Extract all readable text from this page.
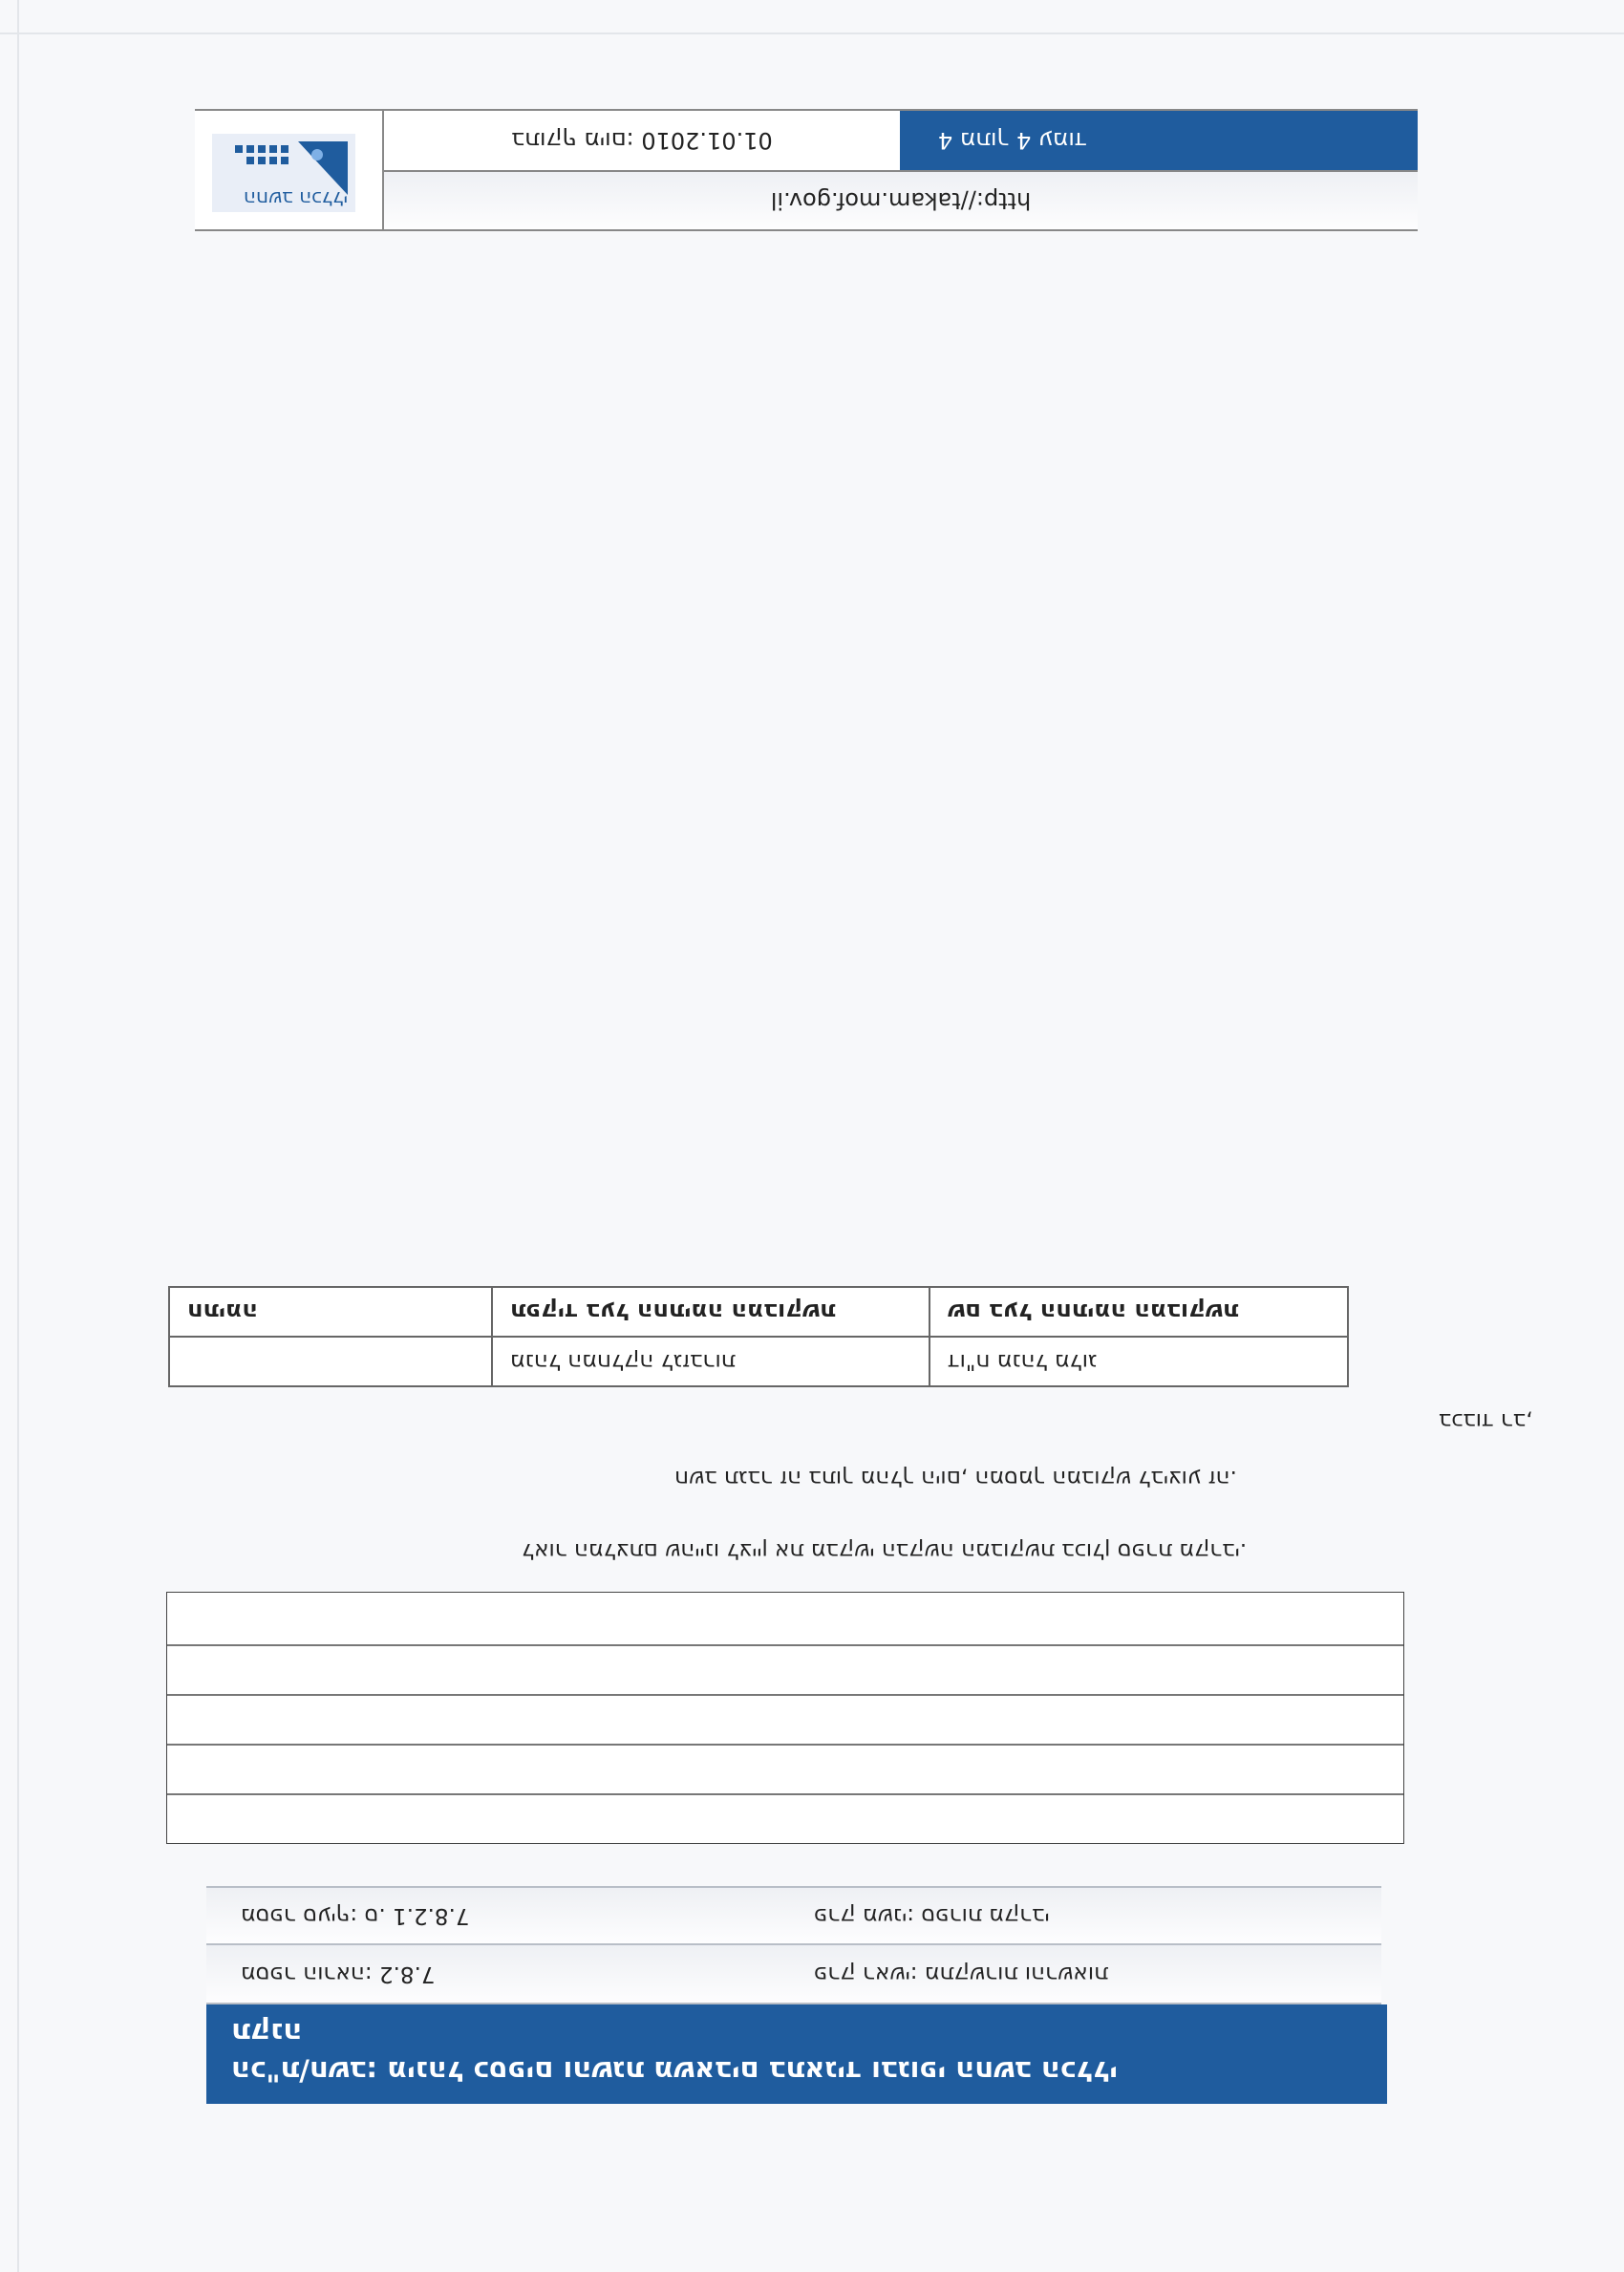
הכ"ת/חשב: מינהל כספים והשגת משאבים בתאגיד ובגופי החשב הכללי
תקנה
מספר הוראה: 7.8.2	פרק ראשי: מתקשרות והרשאות
מספר סעיף: ס. 7.8.2.1	פרק משני: ספרות מקרבי
לאור המלצתם שהיינו לציין את מבקשי הבקשה המבוקשת בכולן ספרת מקרבי.
חשב תגבר זה בתוך מהלך היום, המסמך המבוקש לביצוע זה.
בכבוד רב,
	מנהל המחלקה לגזברות	דו"ח מנהל מלוג
חתימה	תפקיד בעל החתימה המבוקשת	שם בעל החתימה המבוקשת
http://takam.mof.gov.il
בתוקף מיום: 01.01.2010	4 מתוך 4 עמוד
החשב הכללי
